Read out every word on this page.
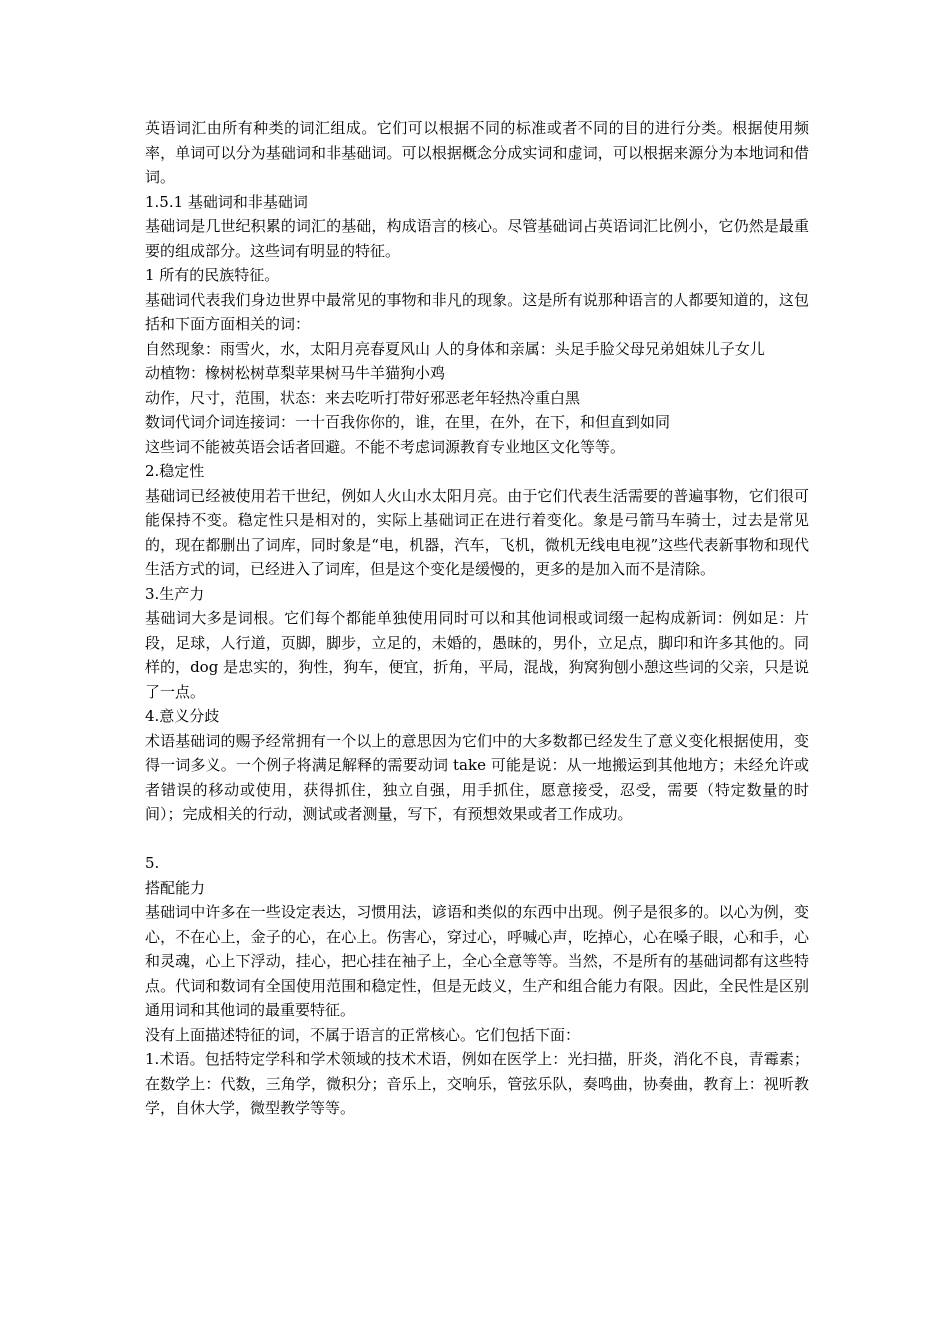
英语词汇由所有种类的词汇组成。它们可以根据不同的标准或者不同的目的进行分类。根据使用频率，单词可以分为基础词和非基础词。可以根据概念分成实词和虚词，可以根据来源分为本地词和借词。

1.5.1 基础词和非基础词

基础词是几世纪积累的词汇的基础，构成语言的核心。尽管基础词占英语词汇比例小，它仍然是最重要的组成部分。这些词有明显的特征。

1 所有的民族特征。

基础词代表我们身边世界中最常见的事物和非凡的现象。这是所有说那种语言的人都要知道的，这包括和下面方面相关的词：

自然现象：雨雪火，水，太阳月亮春夏风山 人的身体和亲属：头足手脸父母兄弟姐妹儿子女儿

动植物：橡树松树草梨苹果树马牛羊猫狗小鸡

动作，尺寸，范围，状态：来去吃听打带好邪恶老年轻热冷重白黑

数词代词介词连接词：一十百我你你的，谁，在里，在外，在下，和但直到如同

这些词不能被英语会话者回避。不能不考虑词源教育专业地区文化等等。

2.稳定性

基础词已经被使用若干世纪，例如人火山水太阳月亮。由于它们代表生活需要的普遍事物，它们很可能保持不变。稳定性只是相对的，实际上基础词正在进行着变化。象是弓箭马车骑士，过去是常见的，现在都删出了词库，同时象是“电，机器，汽车，飞机，微机无线电电视”这些代表新事物和现代生活方式的词，已经进入了词库，但是这个变化是缓慢的，更多的是加入而不是清除。

3.生产力

基础词大多是词根。它们每个都能单独使用同时可以和其他词根或词缀一起构成新词：例如足：片段，足球，人行道，页脚，脚步，立足的，未婚的，愚昧的，男仆，立足点，脚印和许多其他的。同样的，dog 是忠实的，狗性，狗车，便宜，折角，平局，混战，狗窝狗刨小憩这些词的父亲，只是说了一点。

4.意义分歧

术语基础词的赐予经常拥有一个以上的意思因为它们中的大多数都已经发生了意义变化根据使用，变得一词多义。一个例子将满足解释的需要动词 take 可能是说：从一地搬运到其他地方；未经允许或者错误的移动或使用，获得抓住，独立自强，用手抓住，愿意接受，忍受，需要（特定数量的时间）；完成相关的行动，测试或者测量，写下，有预想效果或者工作成功。

5.

搭配能力

基础词中许多在一些设定表达，习惯用法，谚语和类似的东西中出现。例子是很多的。以心为例，变心，不在心上，金子的心，在心上。伤害心，穿过心，呼喊心声，吃掉心，心在嗓子眼，心和手，心和灵魂，心上下浮动，挂心，把心挂在袖子上，全心全意等等。当然，不是所有的基础词都有这些特点。代词和数词有全国使用范围和稳定性，但是无歧义，生产和组合能力有限。因此，全民性是区别通用词和其他词的最重要特征。

没有上面描述特征的词，不属于语言的正常核心。它们包括下面：

1.术语。包括特定学科和学术领域的技术术语，例如在医学上：光扫描，肝炎，消化不良，青霉素；在数学上：代数，三角学，微积分；音乐上，交响乐，管弦乐队，奏鸣曲，协奏曲，教育上：视听教学，自休大学，微型教学等等。
